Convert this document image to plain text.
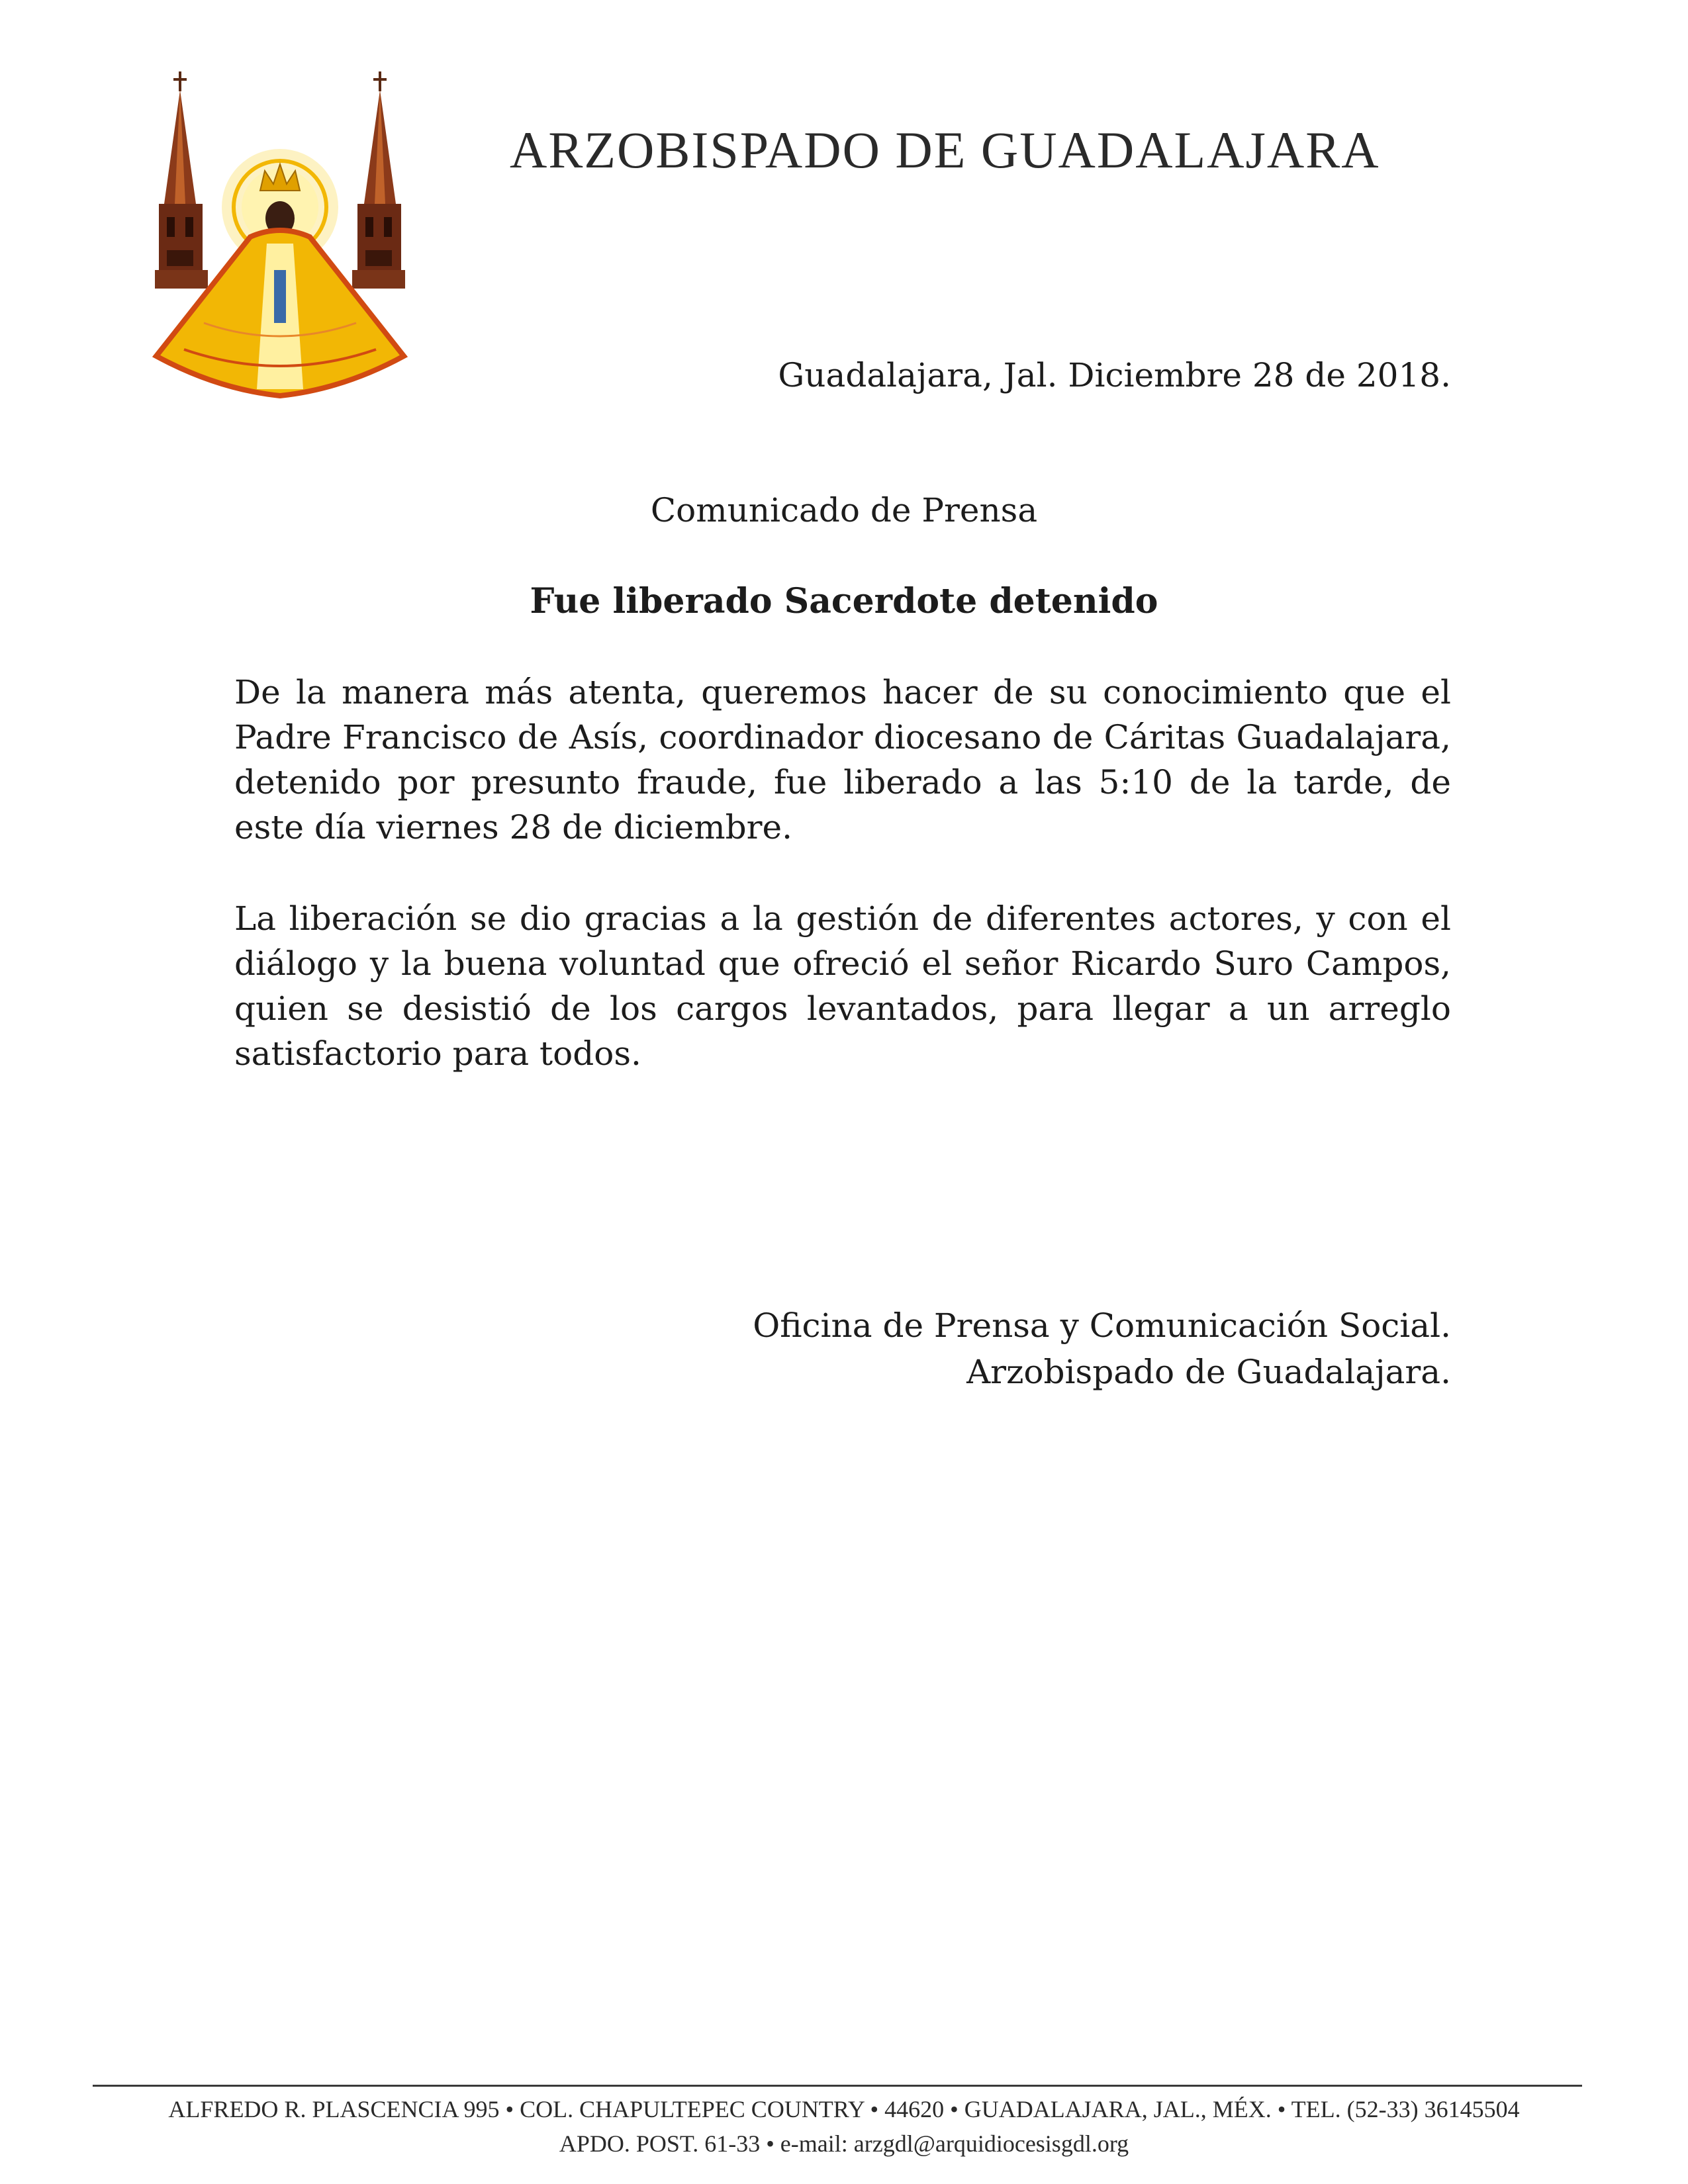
ARZOBISPADO DE GUADALAJARA
Guadalajara, Jal. Diciembre 28 de 2018.
Comunicado de Prensa
Fue liberado Sacerdote detenido

De la manera más atenta, queremos hacer de su conocimiento que el Padre Francisco de Asís, coordinador diocesano de Cáritas Guadalajara, detenido por presunto fraude, fue liberado a las 5:10 de la tarde, de este día viernes 28 de diciembre.

La liberación se dio gracias a la gestión de diferentes actores, y con el diálogo y la buena voluntad que ofreció el señor Ricardo Suro Campos, quien se desistió de los cargos levantados, para llegar a un arreglo satisfactorio para todos.

Oficina de Prensa y Comunicación Social.
Arzobispado de Guadalajara.
ALFREDO R. PLASCENCIA 995 • COL. CHAPULTEPEC COUNTRY • 44620 • GUADALAJARA, JAL., MÉX. • TEL. (52-33) 36145504
APDO. POST. 61-33 • e-mail: arzgdl@arquidiocesisgdl.org
